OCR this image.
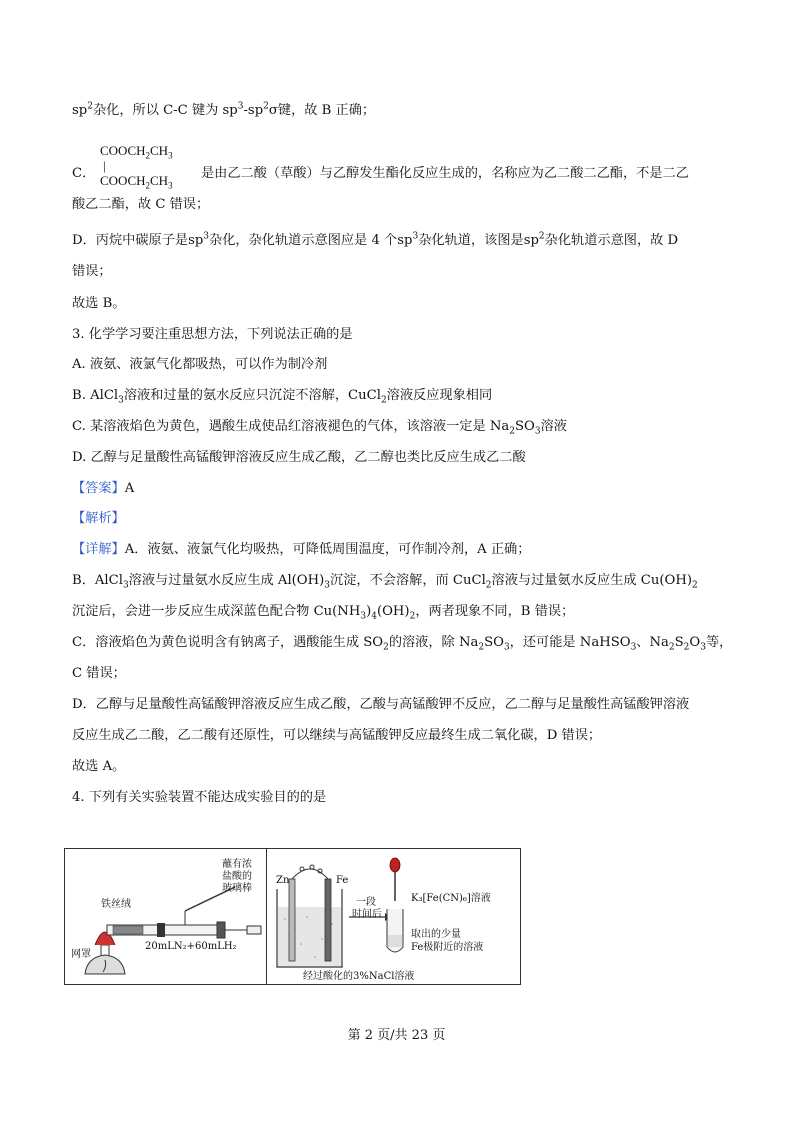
$sp^2$杂化，所以 C-C 键为 $sp^3-sp^2\sigma$键，故 B 正确；
C．
$COOCH_2CH_3$
|
$COOCH_2CH_3$
是由乙二酸（草酸）与乙醇发生酯化反应生成的，名称应为乙二酸二乙酯，不是二乙
酸乙二酯，故 C 错误；
D．丙烷中碳原子是$sp^3$杂化，杂化轨道示意图应是 4 个$sp^3$杂化轨道，该图是$sp^2$杂化轨道示意图，故 D
错误；
故选 B。
3. 化学学习要注重思想方法，下列说法正确的是
A. 液氨、液氯气化都吸热，可以作为制冷剂
B. AlCl$_3$溶液和过量的氨水反应只沉淀不溶解，CuCl$_2$溶液反应现象相同
C. 某溶液焰色为黄色，遇酸生成使品红溶液褪色的气体，该溶液一定是 $Na_2SO_3$溶液
D. 乙醇与足量酸性高锰酸钾溶液反应生成乙酸，乙二醇也类比反应生成乙二酸
【答案】A
【解析】
【详解】A．液氨、液氯气化均吸热，可降低周围温度，可作制冷剂，A 正确；
B．AlCl$_3$溶液与过量氨水反应生成 $Al(OH)_3$沉淀，不会溶解，而 CuCl$_2$溶液与过量氨水反应生成 $Cu(OH)_2$
沉淀后，会进一步反应生成深蓝色配合物 $Cu(NH_3)_4(OH)_2$，两者现象不同，B 错误；
C．溶液焰色为黄色说明含有钠离子，遇酸能生成 $SO_2$的溶液，除 $Na_2SO_3$，还可能是 NaHSO$_3$、$Na_2S_2O_3$等，
C 错误；
D．乙醇与足量酸性高锰酸钾溶液反应生成乙酸，乙酸与高锰酸钾不反应，乙二醇与足量酸性高锰酸钾溶液
反应生成乙二酸，乙二酸有还原性，可以继续与高锰酸钾反应最终生成二氧化碳，D 错误；
故选 A。
4. 下列有关实验装置不能达成实验目的的是
蘸有浓
盐酸的
玻璃棒
铁丝绒
网罩
20mLN₂+60mLH₂
Zn	Fe
K₃[Fe(CN)₆]溶液
一段
时间后
取出的少量
Fe极附近的溶液
经过酸化的3%NaCl溶液
第 2 页/共 23 页
